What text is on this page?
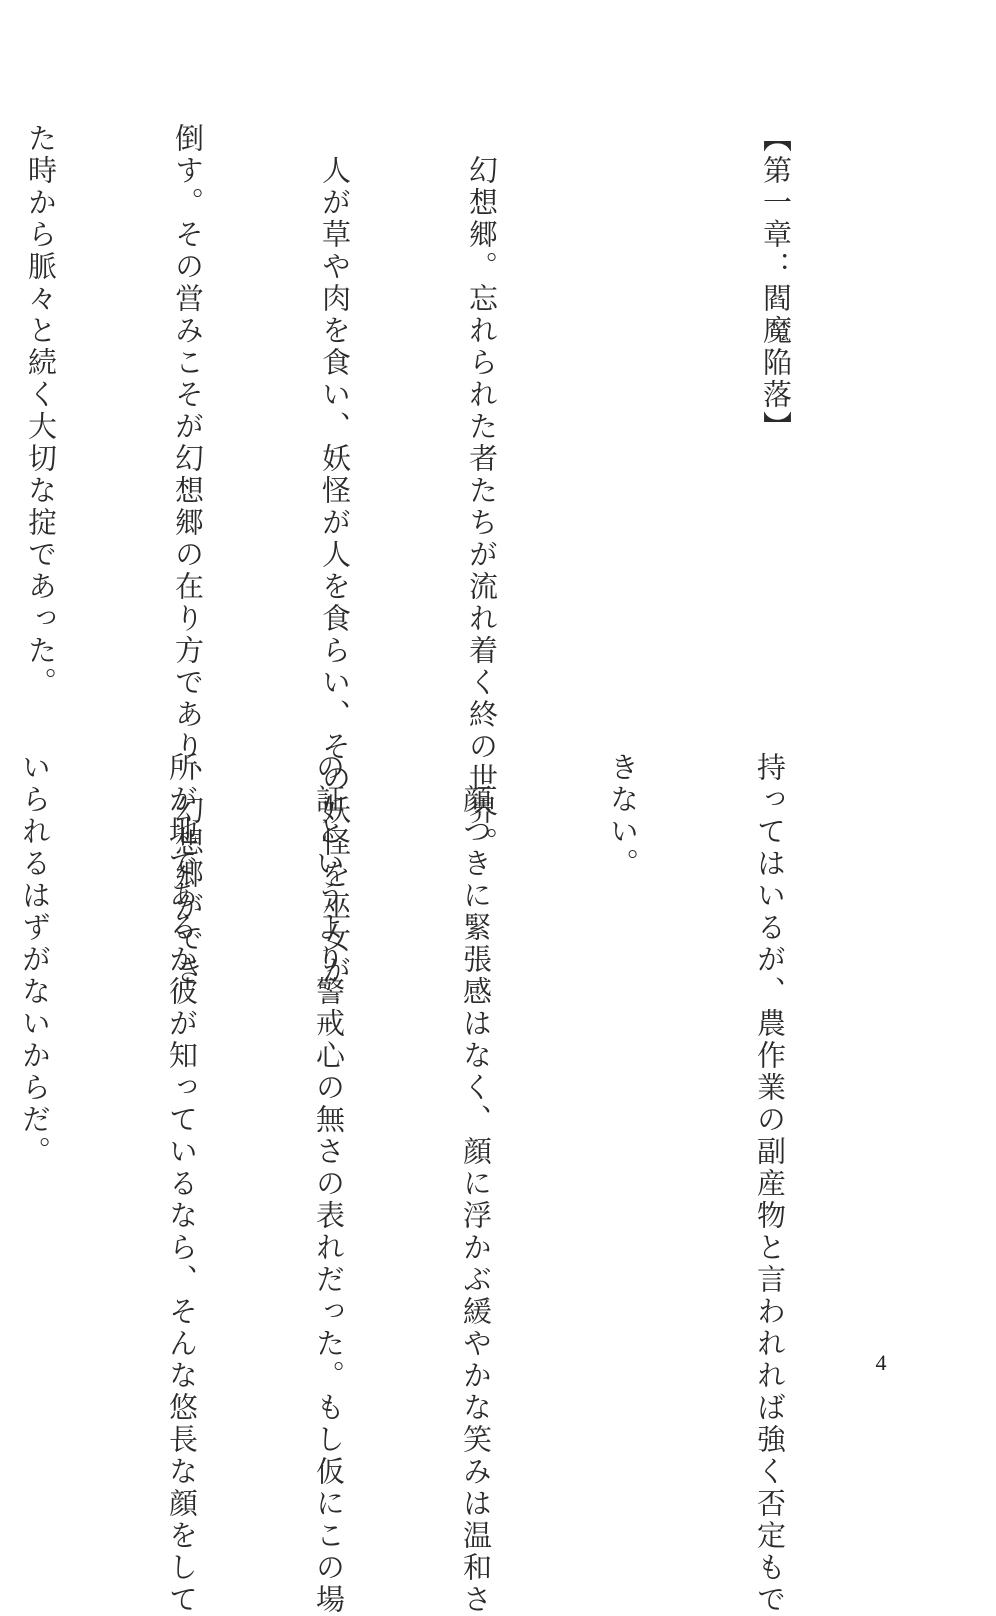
【第一章：閻魔陥落】

　幻想郷。忘れられた者たちが流れ着く終の世界。

　人が草や肉を食い、妖怪が人を食らい、その妖怪を巫女が

倒す。その営みこそが幻想郷の在り方であり、幻想郷ができ

た時から脈々と続く大切な掟であった。

持ってはいるが、農作業の副産物と言われれば強く否定もで

きない。

　顔つきに緊張感はなく、顔に浮かぶ緩やかな笑みは温和さ

の証というより警戒心の無さの表れだった。もし仮にこの場

所が地であるか彼が知っているなら、そんな悠長な顔をして

いられるはずがないからだ。

4
